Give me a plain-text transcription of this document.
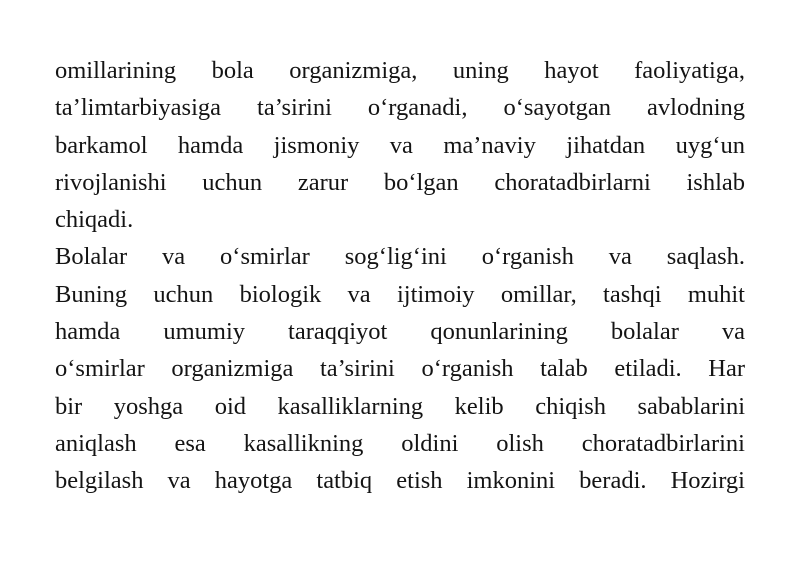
omillarining bola organizmiga, uning hayot faoliyatiga,
ta’limtarbiyasiga ta’sirini o‘rganadi, o‘sayotgan avlodning
barkamol hamda jismoniy va ma’naviy jihatdan uyg‘un
rivojlanishi uchun zarur bo‘lgan choratadbirlarni ishlab
chiqadi.
Bolalar va o‘smirlar sog‘lig‘ini o‘rganish va saqlash.
Buning uchun biologik va ijtimoiy omillar, tashqi muhit
hamda umumiy taraqqiyot qonunlarining bolalar va
o‘smirlar organizmiga ta’sirini o‘rganish talab etiladi. Har
bir yoshga oid kasalliklarning kelib chiqish sabablarini
aniqlash esa kasallikning oldini olish choratadbirlarini
belgilash va hayotga tatbiq etish imkonini beradi. Hozirgi
